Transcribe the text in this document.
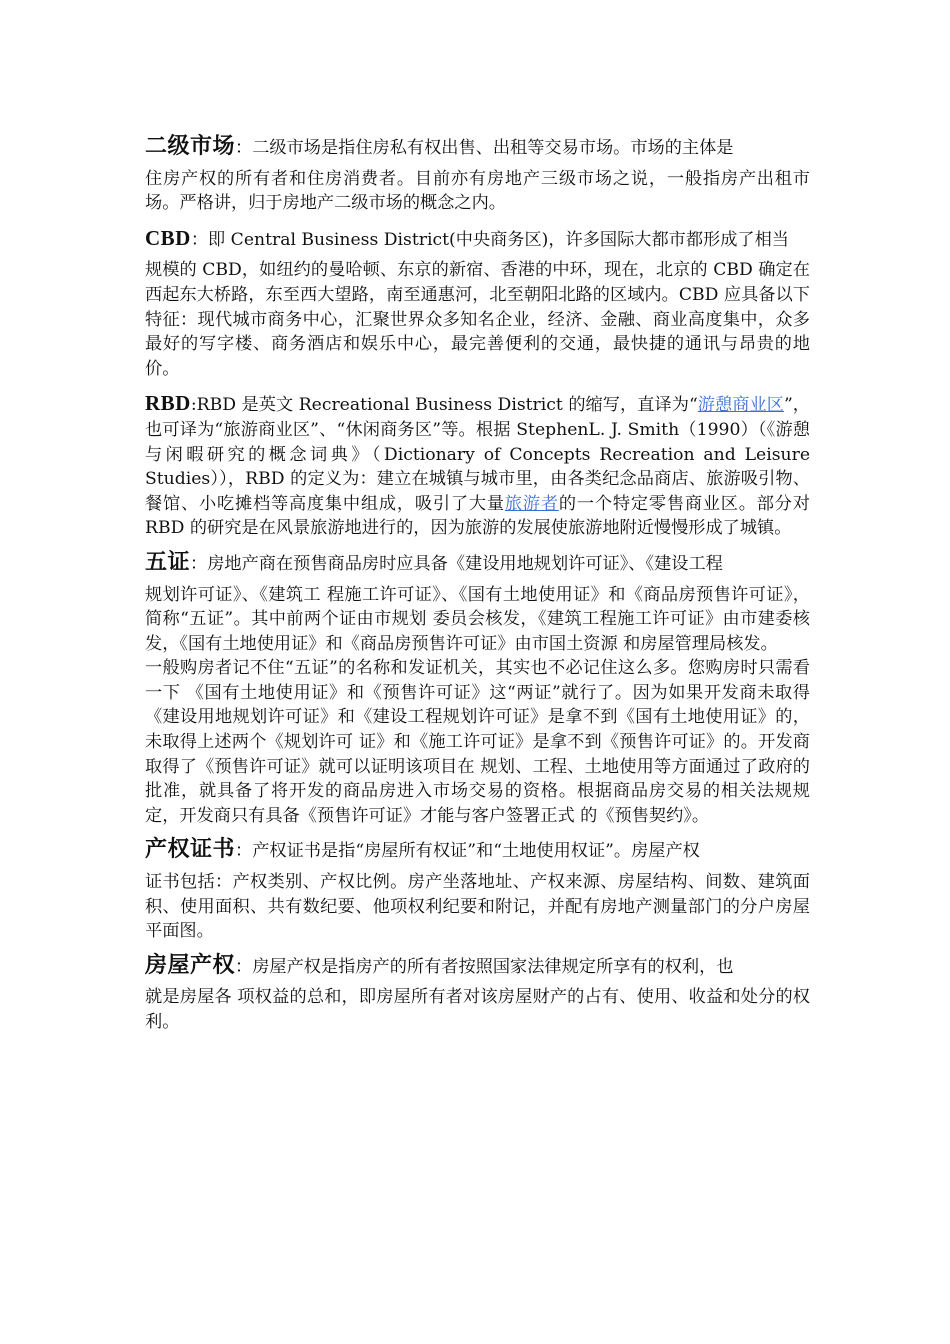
二级市场：二级市场是指住房私有权出售、出租等交易市场。市场的主体是

住房产权的所有者和住房消费者。目前亦有房地产三级市场之说，一般指房产出租市场。严格讲，归于房地产二级市场的概念之内。

CBD：即 Central Business District(中央商务区)，许多国际大都市都形成了相当

规模的 CBD，如纽约的曼哈顿、东京的新宿、香港的中环，现在，北京的 CBD 确定在西起东大桥路，东至西大望路，南至通惠河，北至朝阳北路的区域内。CBD 应具备以下特征：现代城市商务中心，汇聚世界众多知名企业，经济、金融、商业高度集中，众多最好的写字楼、商务酒店和娱乐中心，最完善便利的交通，最快捷的通讯与昂贵的地价。

RBD:RBD 是英文 Recreational Business District 的缩写，直译为“游憩商业区”，也可译为“旅游商业区”、“休闲商务区”等。根据 StephenL. J. Smith（1990）（《游憩与闲暇研究的概念词典》（Dictionary of Concepts Recreation and Leisure Studies）），RBD 的定义为：建立在城镇与城市里，由各类纪念品商店、旅游吸引物、餐馆、小吃摊档等高度集中组成，吸引了大量旅游者的一个特定零售商业区。部分对 RBD 的研究是在风景旅游地进行的，因为旅游的发展使旅游地附近慢慢形成了城镇。

五证：房地产商在预售商品房时应具备《建设用地规划许可证》、《建设工程

规划许可证》、《建筑工 程施工许可证》、《国有土地使用证》和《商品房预售许可证》，简称“五证”。其中前两个证由市规划 委员会核发，《建筑工程施工许可证》由市建委核发，《国有土地使用证》和《商品房预售许可证》由市国土资源 和房屋管理局核发。

一般购房者记不住“五证”的名称和发证机关，其实也不必记住这么多。您购房时只需看一下 《国有土地使用证》和《预售许可证》这“两证”就行了。因为如果开发商未取得《建设用地规划许可证》和《建设工程规划许可证》是拿不到《国有土地使用证》的，未取得上述两个《规划许可 证》和《施工许可证》是拿不到《预售许可证》的。开发商取得了《预售许可证》就可以证明该项目在 规划、工程、土地使用等方面通过了政府的批准，就具备了将开发的商品房进入市场交易的资格。根据商品房交易的相关法规规定，开发商只有具备《预售许可证》才能与客户签署正式 的《预售契约》。

产权证书：产权证书是指“房屋所有权证”和“土地使用权证”。房屋产权

证书包括：产权类别、产权比例。房产坐落地址、产权来源、房屋结构、间数、建筑面积、使用面积、共有数纪要、他项权利纪要和附记，并配有房地产测量部门的分户房屋平面图。

房屋产权：房屋产权是指房产的所有者按照国家法律规定所享有的权利，也

就是房屋各 项权益的总和，即房屋所有者对该房屋财产的占有、使用、收益和处分的权利。
